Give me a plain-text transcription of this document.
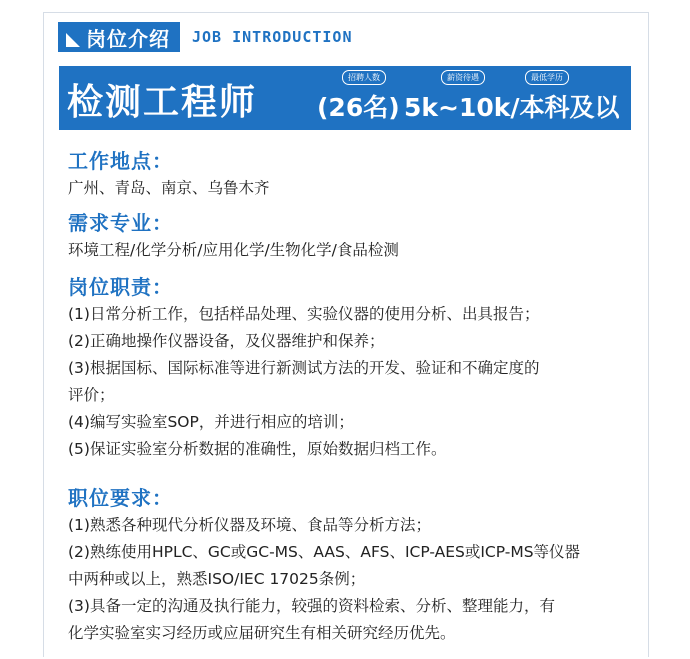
岗位介绍 JOB INTRODUCTION
检测工程师
招聘人数
(26名)
薪资待遇	最低学历
5k~10k/本科及以上
工作地点：
广州、青岛、南京、乌鲁木齐
需求专业：
环境工程/化学分析/应用化学/生物化学/食品检测
岗位职责：
(1)日常分析工作，包括样品处理、实验仪器的使用分析、出具报告；
(2)正确地操作仪器设备，及仪器维护和保养；
(3)根据国标、国际标准等进行新测试方法的开发、验证和不确定度的
评价；
(4)编写实验室SOP，并进行相应的培训；
(5)保证实验室分析数据的准确性，原始数据归档工作。
职位要求：
(1)熟悉各种现代分析仪器及环境、食品等分析方法；
(2)熟练使用HPLC、GC或GC-MS、AAS、AFS、ICP-AES或ICP-MS等仪器
中两种或以上，熟悉ISO/IEC 17025条例；
(3)具备一定的沟通及执行能力，较强的资料检索、分析、整理能力，有
化学实验室实习经历或应届研究生有相关研究经历优先。
